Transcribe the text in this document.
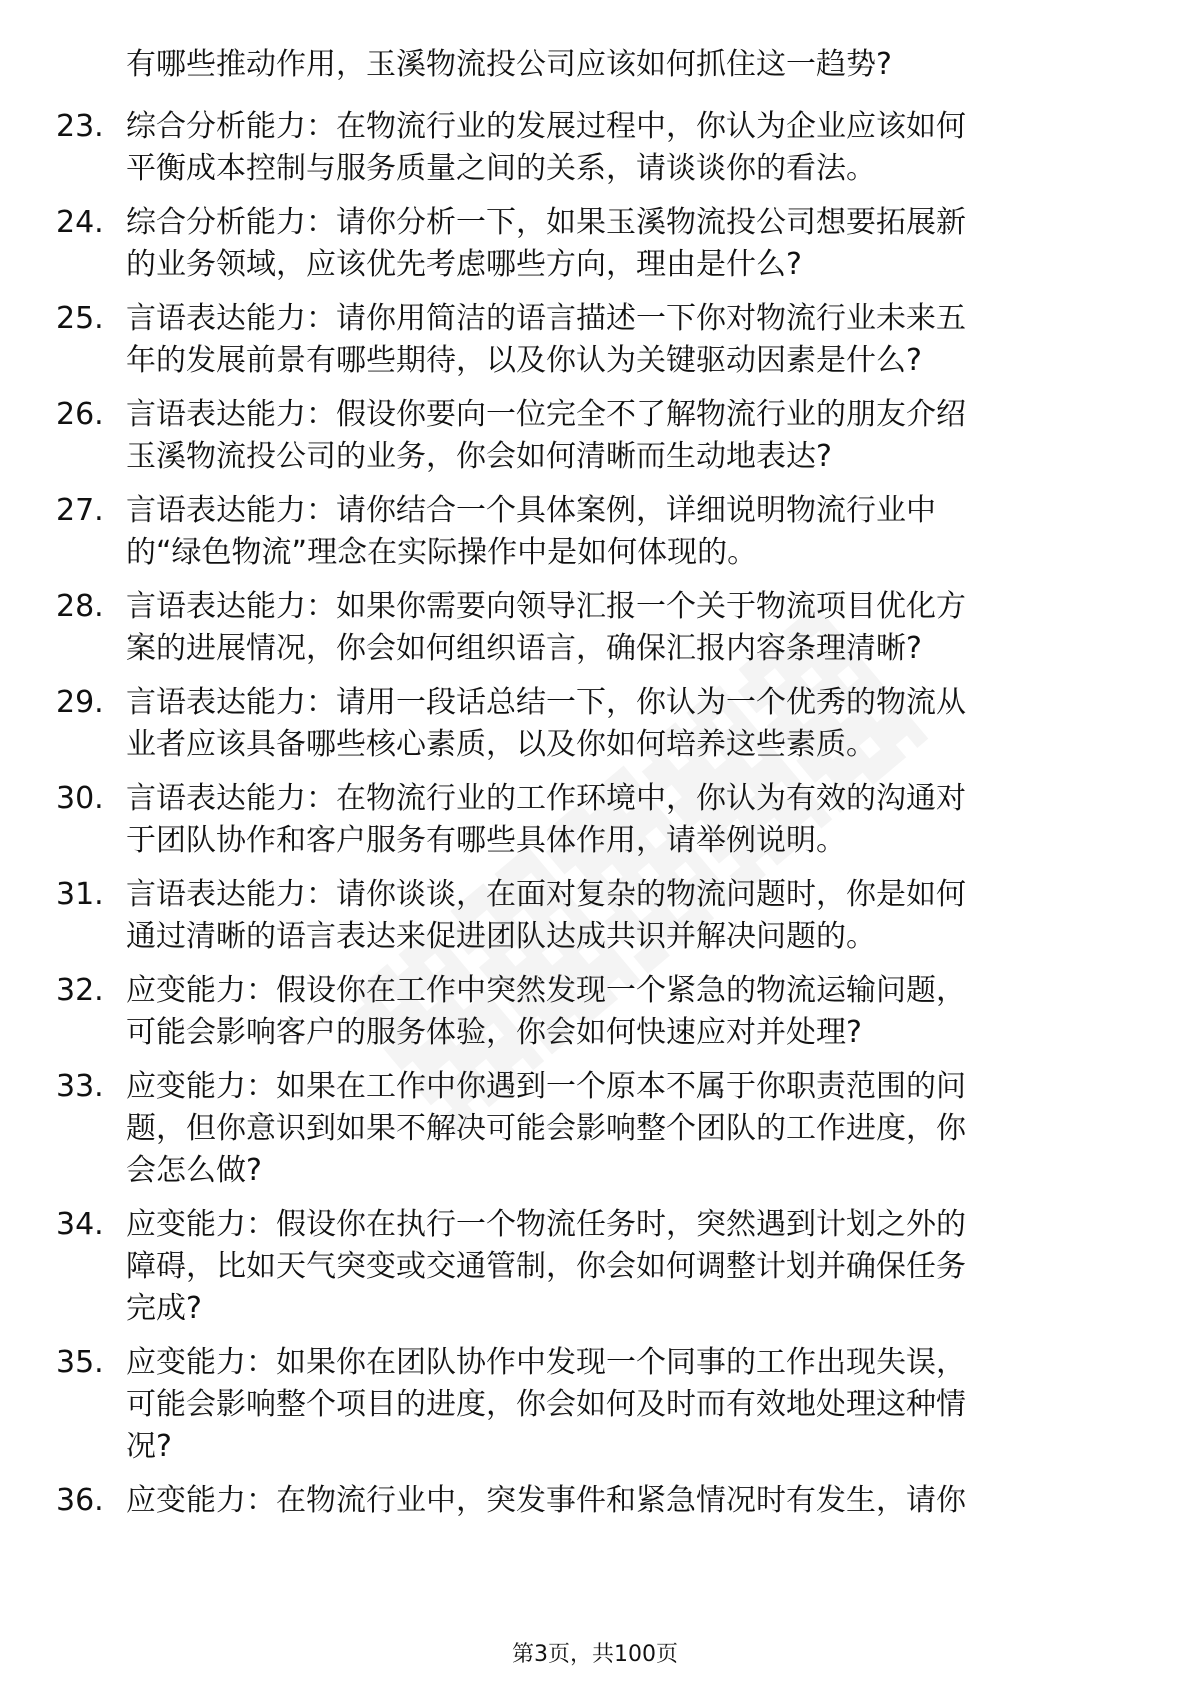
有哪些推动作用，玉溪物流投公司应该如何抓住这一趋势?
23. 综合分析能力：在物流行业的发展过程中，你认为企业应该如何
平衡成本控制与服务质量之间的关系，请谈谈你的看法。
24. 综合分析能力：请你分析一下，如果玉溪物流投公司想要拓展新
的业务领域，应该优先考虑哪些方向，理由是什么?
25. 言语表达能力：请你用简洁的语言描述一下你对物流行业未来五
年的发展前景有哪些期待，以及你认为关键驱动因素是什么?
26. 言语表达能力：假设你要向一位完全不了解物流行业的朋友介绍
玉溪物流投公司的业务，你会如何清晰而生动地表达?
27. 言语表达能力：请你结合一个具体案例，详细说明物流行业中
的“绿色物流”理念在实际操作中是如何体现的。
28. 言语表达能力：如果你需要向领导汇报一个关于物流项目优化方
案的进展情况，你会如何组织语言，确保汇报内容条理清晰?
29. 言语表达能力：请用一段话总结一下，你认为一个优秀的物流从
业者应该具备哪些核心素质，以及你如何培养这些素质。
30. 言语表达能力：在物流行业的工作环境中，你认为有效的沟通对
于团队协作和客户服务有哪些具体作用，请举例说明。
31. 言语表达能力：请你谈谈，在面对复杂的物流问题时，你是如何
通过清晰的语言表达来促进团队达成共识并解决问题的。
32. 应变能力：假设你在工作中突然发现一个紧急的物流运输问题，
可能会影响客户的服务体验，你会如何快速应对并处理?
33. 应变能力：如果在工作中你遇到一个原本不属于你职责范围的问
题，但你意识到如果不解决可能会影响整个团队的工作进度，你
会怎么做?
34. 应变能力：假设你在执行一个物流任务时，突然遇到计划之外的
障碍，比如天气突变或交通管制，你会如何调整计划并确保任务
完成?
35. 应变能力：如果你在团队协作中发现一个同事的工作出现失误，
可能会影响整个项目的进度，你会如何及时而有效地处理这种情
况?
36. 应变能力：在物流行业中，突发事件和紧急情况时有发生，请你
第3页，共100页
